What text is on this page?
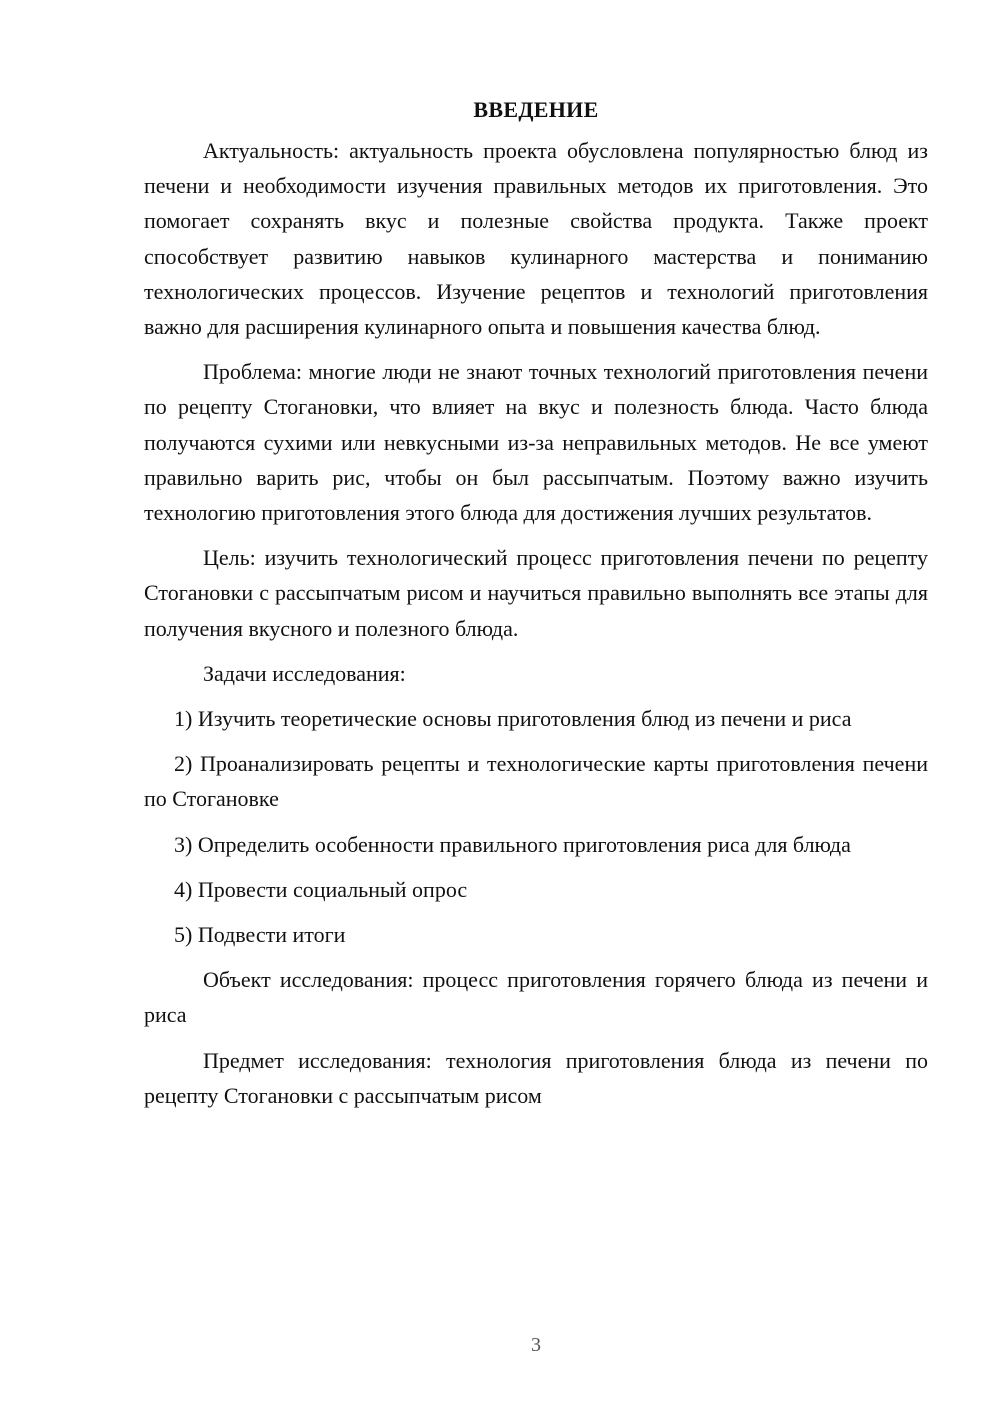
ВВЕДЕНИЕ

Актуальность: актуальность проекта обусловлена популярностью блюд из печени и необходимости изучения правильных методов их приготовления. Это помогает сохранять вкус и полезные свойства продукта. Также проект способствует развитию навыков кулинарного мастерства и пониманию технологических процессов. Изучение рецептов и технологий приготовления важно для расширения кулинарного опыта и повышения качества блюд.

Проблема: многие люди не знают точных технологий приготовления печени по рецепту Стогановки, что влияет на вкус и полезность блюда. Часто блюда получаются сухими или невкусными из-за неправильных методов. Не все умеют правильно варить рис, чтобы он был рассыпчатым. Поэтому важно изучить технологию приготовления этого блюда для достижения лучших результатов.

Цель: изучить технологический процесс приготовления печени по рецепту Стогановки с рассыпчатым рисом и научиться правильно выполнять все этапы для получения вкусного и полезного блюда.

Задачи исследования:

1) Изучить теоретические основы приготовления блюд из печени и риса

2) Проанализировать рецепты и технологические карты приготовления печени по Стогановке

3) Определить особенности правильного приготовления риса для блюда

4) Провести социальный опрос

5) Подвести итоги

Объект исследования: процесс приготовления горячего блюда из печени и риса

Предмет исследования: технология приготовления блюда из печени по рецепту Стогановки с рассыпчатым рисом

3
